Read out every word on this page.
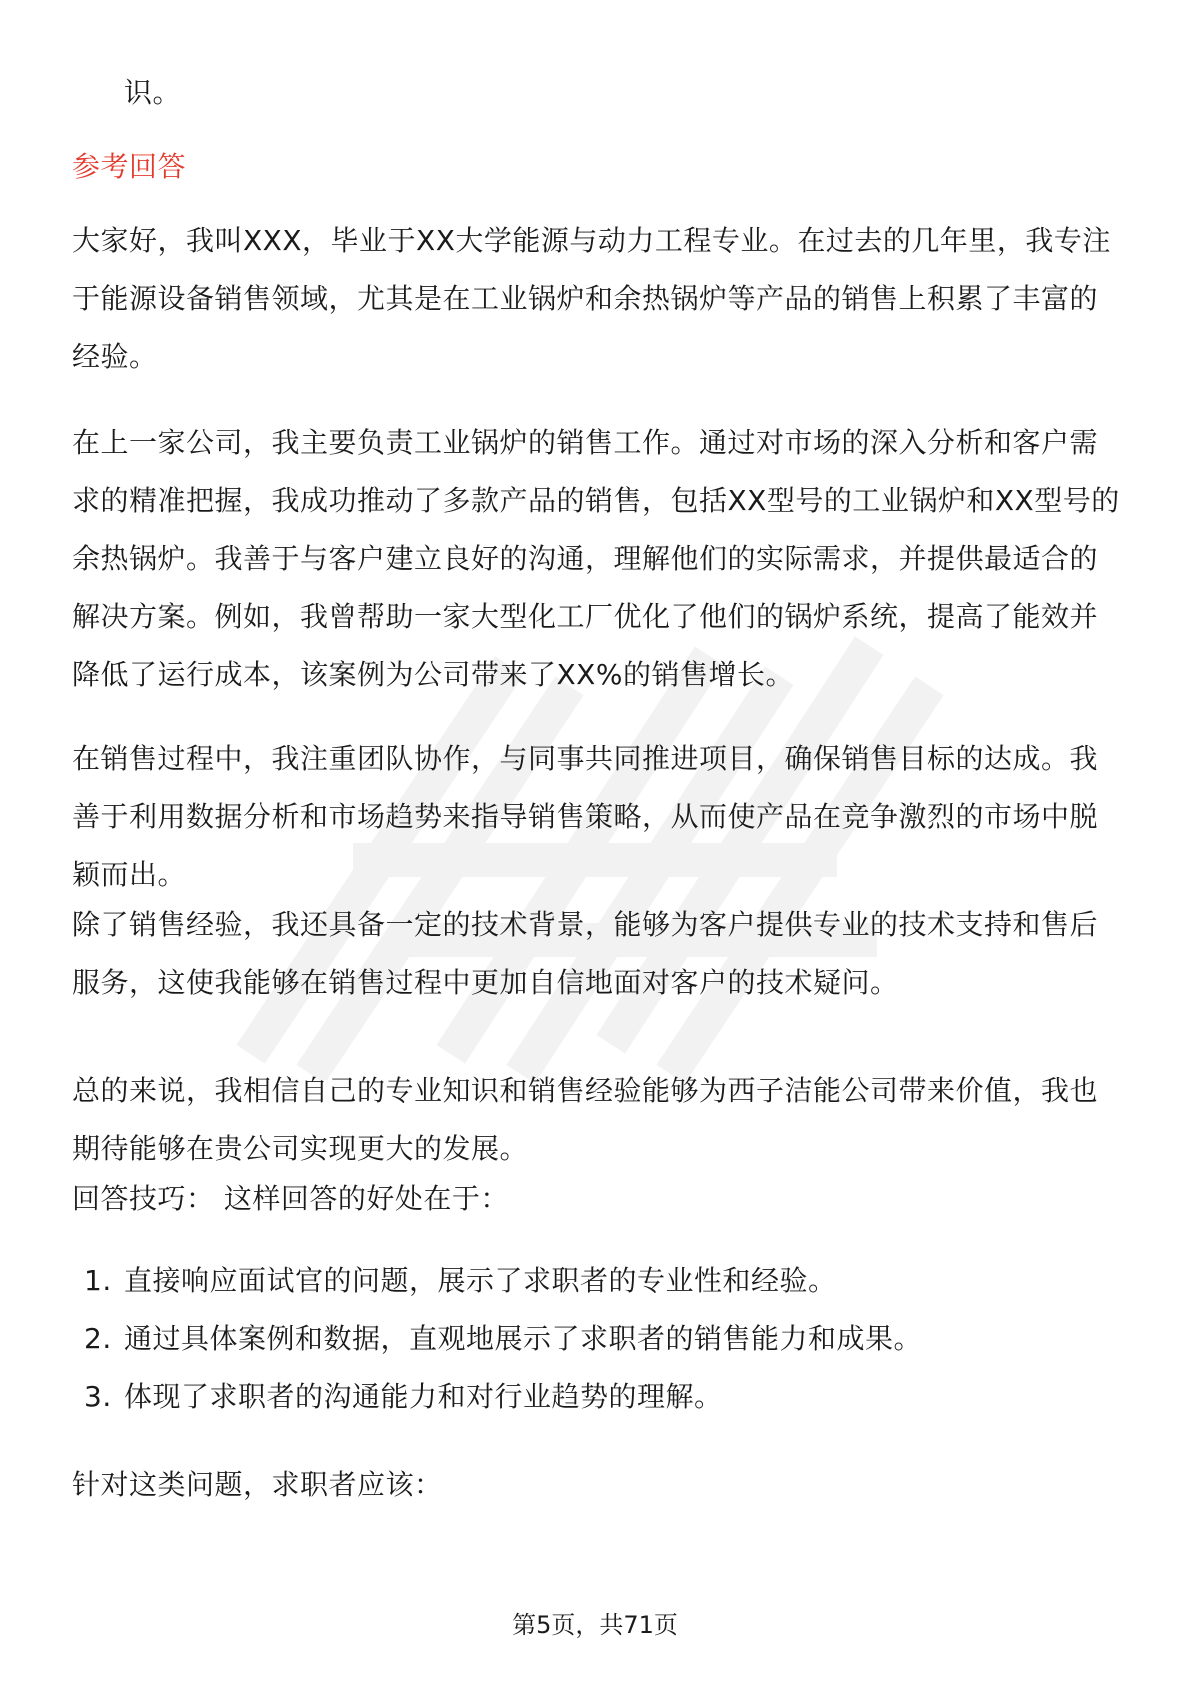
识。

参考回答

大家好，我叫XXX，毕业于XX大学能源与动力工程专业。在过去的几年里，我专注于能源设备销售领域，尤其是在工业锅炉和余热锅炉等产品的销售上积累了丰富的经验。

在上一家公司，我主要负责工业锅炉的销售工作。通过对市场的深入分析和客户需求的精准把握，我成功推动了多款产品的销售，包括XX型号的工业锅炉和XX型号的余热锅炉。我善于与客户建立良好的沟通，理解他们的实际需求，并提供最适合的解决方案。例如，我曾帮助一家大型化工厂优化了他们的锅炉系统，提高了能效并降低了运行成本，该案例为公司带来了XX%的销售增长。

在销售过程中，我注重团队协作，与同事共同推进项目，确保销售目标的达成。我善于利用数据分析和市场趋势来指导销售策略，从而使产品在竞争激烈的市场中脱颖而出。

除了销售经验，我还具备一定的技术背景，能够为客户提供专业的技术支持和售后服务，这使我能够在销售过程中更加自信地面对客户的技术疑问。

总的来说，我相信自己的专业知识和销售经验能够为西子洁能公司带来价值，我也期待能够在贵公司实现更大的发展。

回答技巧： 这样回答的好处在于：

1. 直接响应面试官的问题，展示了求职者的专业性和经验。
2. 通过具体案例和数据，直观地展示了求职者的销售能力和成果。
3. 体现了求职者的沟通能力和对行业趋势的理解。

针对这类问题，求职者应该：

第5页，共71页
